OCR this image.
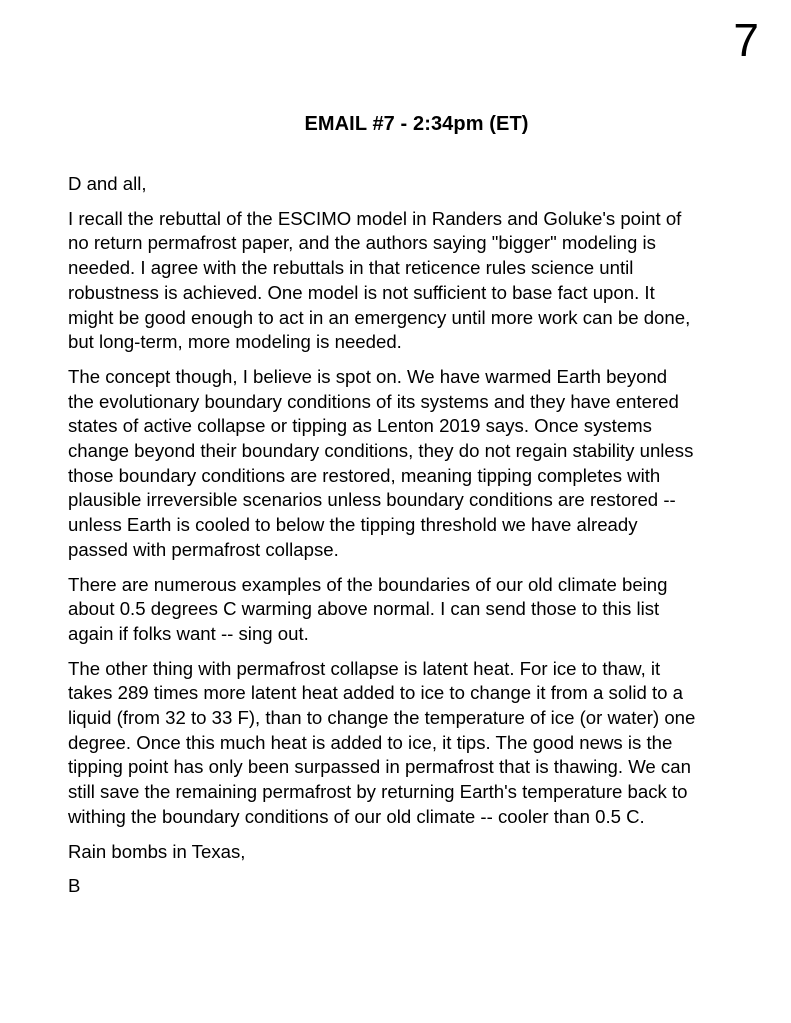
7
EMAIL #7 - 2:34pm (ET)

D and all,

I recall the rebuttal of the ESCIMO model in Randers and Goluke's point of
no return permafrost paper, and the authors saying "bigger" modeling is
needed. I agree with the rebuttals in that reticence rules science until
robustness is achieved. One model is not sufficient to base fact upon. It
might be good enough to act in an emergency until more work can be done,
but long-term, more modeling is needed.

The concept though, I believe is spot on. We have warmed Earth beyond
the evolutionary boundary conditions of its systems and they have entered
states of active collapse or tipping as Lenton 2019 says. Once systems
change beyond their boundary conditions, they do not regain stability unless
those boundary conditions are restored, meaning tipping completes with
plausible irreversible scenarios unless boundary conditions are restored --
unless Earth is cooled to below the tipping threshold we have already
passed with permafrost collapse.

There are numerous examples of the boundaries of our old climate being
about 0.5 degrees C warming above normal. I can send those to this list
again if folks want -- sing out.

The other thing with permafrost collapse is latent heat. For ice to thaw, it
takes 289 times more latent heat added to ice to change it from a solid to a
liquid (from 32 to 33 F), than to change the temperature of ice (or water) one
degree. Once this much heat is added to ice, it tips. The good news is the
tipping point has only been surpassed in permafrost that is thawing. We can
still save the remaining permafrost by returning Earth's temperature back to
withing the boundary conditions of our old climate -- cooler than 0.5 C.

Rain bombs in Texas,

B
